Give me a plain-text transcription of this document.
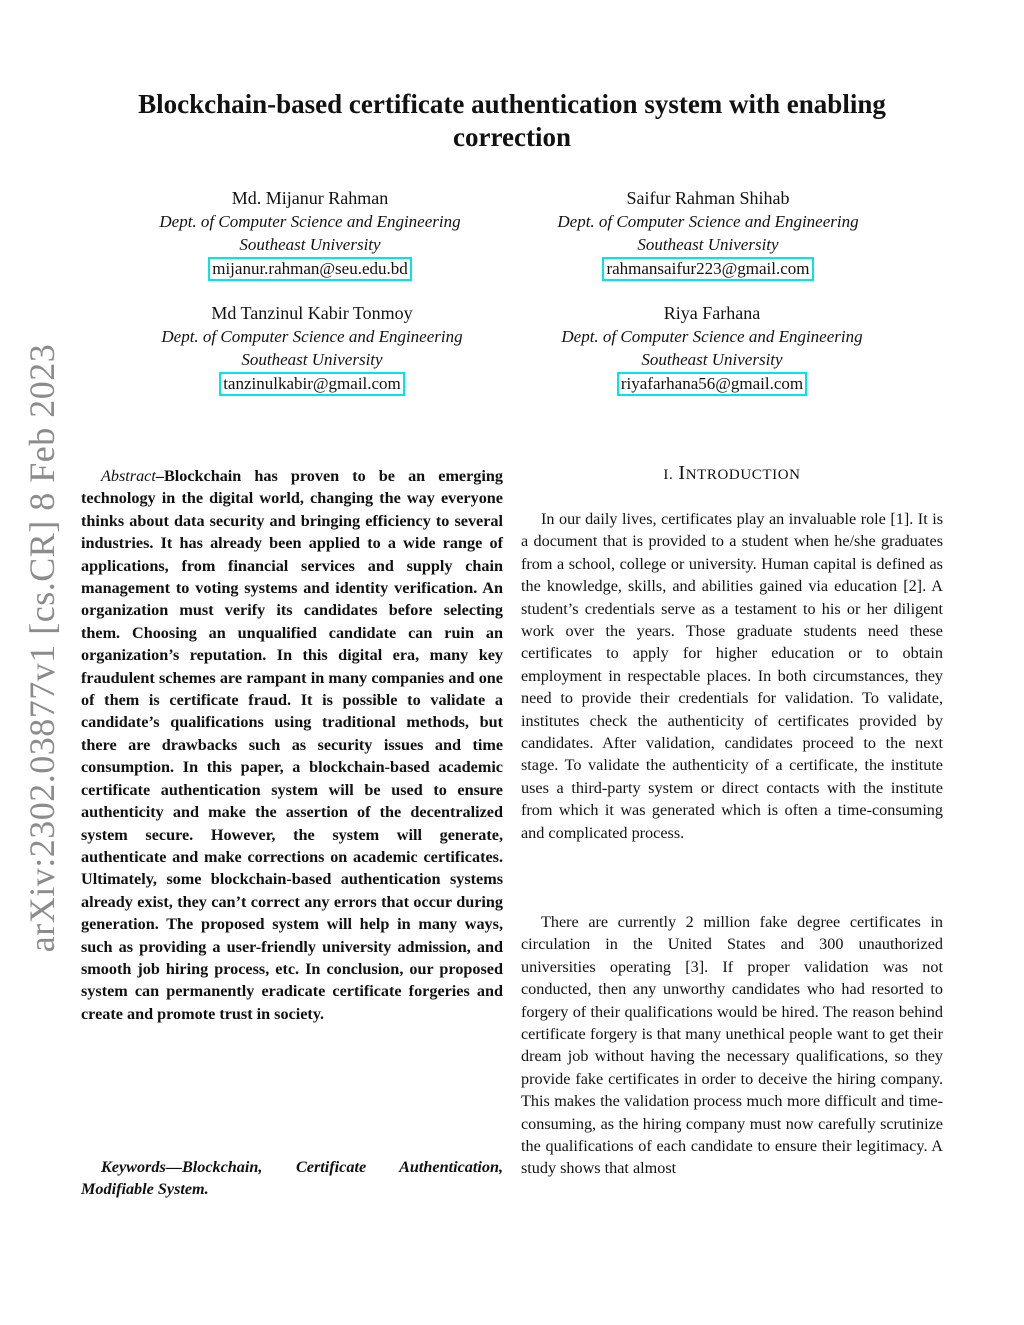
arXiv:2302.03877v1 [cs.CR] 8 Feb 2023
Blockchain-based certificate authentication system with enabling correction
Md. Mijanur Rahman
Dept. of Computer Science and Engineering
Southeast University
mijanur.rahman@seu.edu.bd
Saifur Rahman Shihab
Dept. of Computer Science and Engineering
Southeast University
rahmansaifur223@gmail.com
Md Tanzinul Kabir Tonmoy
Dept. of Computer Science and Engineering
Southeast University
tanzinulkabir@gmail.com
Riya Farhana
Dept. of Computer Science and Engineering
Southeast University
riyafarhana56@gmail.com
Abstract–Blockchain has proven to be an emerging technology in the digital world, changing the way everyone thinks about data security and bringing efficiency to several industries. It has already been applied to a wide range of applications, from financial services and supply chain management to voting systems and identity verification. An organization must verify its candidates before selecting them. Choosing an unqualified candidate can ruin an organization’s reputation. In this digital era, many key fraudulent schemes are rampant in many companies and one of them is certificate fraud. It is possible to validate a candidate’s qualifications using traditional methods, but there are drawbacks such as security issues and time consumption. In this paper, a blockchain-based academic certificate authentication system will be used to ensure authenticity and make the assertion of the decentralized system secure. However, the system will generate, authenticate and make corrections on academic certificates. Ultimately, some blockchain-based authentication systems already exist, they can’t correct any errors that occur during generation. The proposed system will help in many ways, such as providing a user-friendly university admission, and smooth job hiring process, etc. In conclusion, our proposed system can permanently eradicate certificate forgeries and create and promote trust in society.
Keywords—Blockchain, Certificate Authentication, Modifiable System.
I. INTRODUCTION
In our daily lives, certificates play an invaluable role [1]. It is a document that is provided to a student when he/she graduates from a school, college or university. Human capital is defined as the knowledge, skills, and abilities gained via education [2]. A student’s credentials serve as a testament to his or her diligent work over the years. Those graduate students need these certificates to apply for higher education or to obtain employment in respectable places. In both circumstances, they need to provide their credentials for validation. To validate, institutes check the authenticity of certificates provided by candidates. After validation, candidates proceed to the next stage. To validate the authenticity of a certificate, the institute uses a third-party system or direct contacts with the institute from which it was generated which is often a time-consuming and complicated process.
There are currently 2 million fake degree certificates in circulation in the United States and 300 unauthorized universities operating [3]. If proper validation was not conducted, then any unworthy candidates who had resorted to forgery of their qualifications would be hired. The reason behind certificate forgery is that many unethical people want to get their dream job without having the necessary qualifications, so they provide fake certificates in order to deceive the hiring company. This makes the validation process much more difficult and time-consuming, as the hiring company must now carefully scrutinize the qualifications of each candidate to ensure their legitimacy. A study shows that almost
